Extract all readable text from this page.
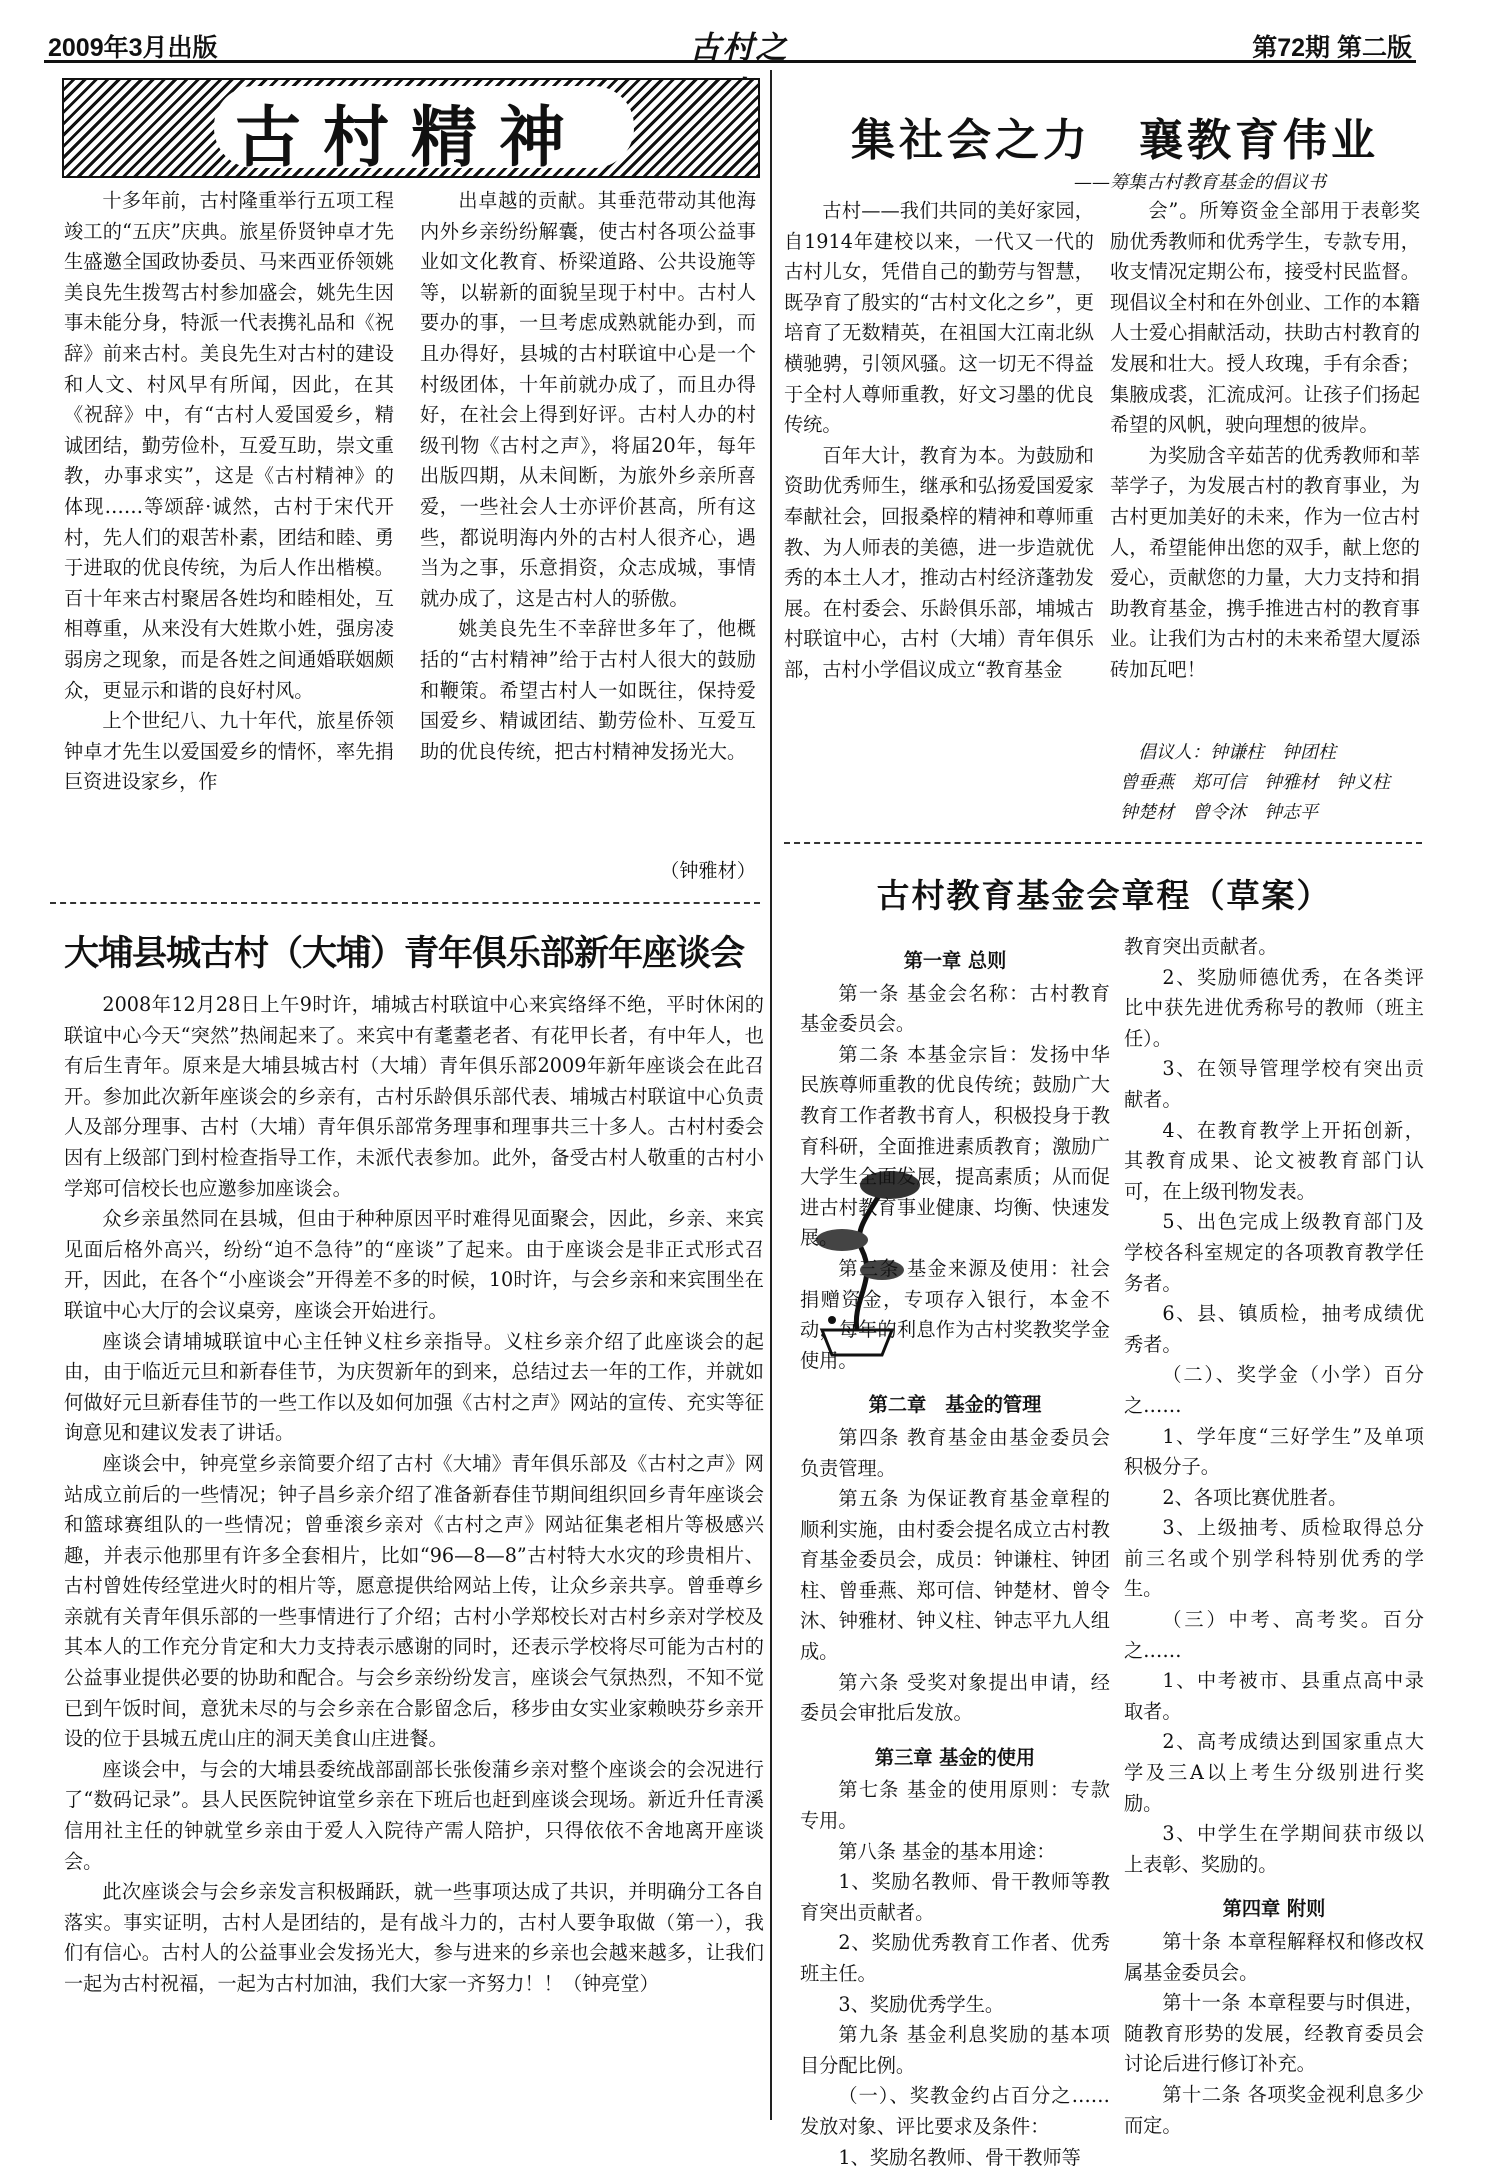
2009年3月出版	古村之	第72期 第二版
古村精神

十多年前，古村隆重举行五项工程竣工的“五庆”庆典。旅星侨贤钟卓才先生盛邀全国政协委员、马来西亚侨领姚美良先生拨驾古村参加盛会，姚先生因事未能分身，特派一代表携礼品和《祝辞》前来古村。美良先生对古村的建设和人文、村风早有所闻，因此，在其《祝辞》中，有“古村人爱国爱乡，精诚团结，勤劳俭朴，互爱互助，崇文重教，办事求实”，这是《古村精神》的体现……等颂辞·诚然，古村于宋代开村，先人们的艰苦朴素，团结和睦、勇于进取的优良传统，为后人作出楷模。百十年来古村聚居各姓均和睦相处，互相尊重，从来没有大姓欺小姓，强房凌弱房之现象，而是各姓之间通婚联姻颇众，更显示和谐的良好村风。

上个世纪八、九十年代，旅星侨领钟卓才先生以爱国爱乡的情怀，率先捐巨资进设家乡，作

出卓越的贡献。其垂范带动其他海内外乡亲纷纷解囊，使古村各项公益事业如文化教育、桥梁道路、公共设施等等，以崭新的面貌呈现于村中。古村人要办的事，一旦考虑成熟就能办到，而且办得好，县城的古村联谊中心是一个村级团体，十年前就办成了，而且办得好，在社会上得到好评。古村人办的村级刊物《古村之声》，将届20年，每年出版四期，从未间断，为旅外乡亲所喜爱，一些社会人士亦评价甚高，所有这些，都说明海内外的古村人很齐心，遇当为之事，乐意捐资，众志成城，事情就办成了，这是古村人的骄傲。

姚美良先生不幸辞世多年了，他概括的“古村精神”给于古村人很大的鼓励和鞭策。希望古村人一如既往，保持爱国爱乡、精诚团结、勤劳俭朴、互爱互助的优良传统，把古村精神发扬光大。

（钟雅材）
大埔县城古村（大埔）青年俱乐部新年座谈会

2008年12月28日上午9时许，埔城古村联谊中心来宾络绎不绝，平时休闲的联谊中心今天“突然”热闹起来了。来宾中有耄耋老者、有花甲长者，有中年人，也有后生青年。原来是大埔县城古村（大埔）青年俱乐部2009年新年座谈会在此召开。参加此次新年座谈会的乡亲有，古村乐龄俱乐部代表、埔城古村联谊中心负责人及部分理事、古村（大埔）青年俱乐部常务理事和理事共三十多人。古村村委会因有上级部门到村检查指导工作，未派代表参加。此外，备受古村人敬重的古村小学郑可信校长也应邀参加座谈会。

众乡亲虽然同在县城，但由于种种原因平时难得见面聚会，因此，乡亲、来宾见面后格外高兴，纷纷“迫不急待”的“座谈”了起来。由于座谈会是非正式形式召开，因此，在各个“小座谈会”开得差不多的时候，10时许，与会乡亲和来宾围坐在联谊中心大厅的会议桌旁，座谈会开始进行。

座谈会请埔城联谊中心主任钟义柱乡亲指导。义柱乡亲介绍了此座谈会的起由，由于临近元旦和新春佳节，为庆贺新年的到来，总结过去一年的工作，并就如何做好元旦新春佳节的一些工作以及如何加强《古村之声》网站的宣传、充实等征询意见和建议发表了讲话。

座谈会中，钟亮堂乡亲简要介绍了古村《大埔》青年俱乐部及《古村之声》网站成立前后的一些情况；钟子昌乡亲介绍了准备新春佳节期间组织回乡青年座谈会和篮球赛组队的一些情况；曾垂滚乡亲对《古村之声》网站征集老相片等极感兴趣，并表示他那里有许多全套相片，比如“96—8—8”古村特大水灾的珍贵相片、古村曾姓传经堂进火时的相片等，愿意提供给网站上传，让众乡亲共享。曾垂尊乡亲就有关青年俱乐部的一些事情进行了介绍；古村小学郑校长对古村乡亲对学校及其本人的工作充分肯定和大力支持表示感谢的同时，还表示学校将尽可能为古村的公益事业提供必要的协助和配合。与会乡亲纷纷发言，座谈会气氛热烈，不知不觉已到午饭时间，意犹未尽的与会乡亲在合影留念后，移步由女实业家赖映芬乡亲开设的位于县城五虎山庄的洞天美食山庄进餐。

座谈会中，与会的大埔县委统战部副部长张俊蒲乡亲对整个座谈会的会况进行了“数码记录”。县人民医院钟谊堂乡亲在下班后也赶到座谈会现场。新近升任青溪信用社主任的钟就堂乡亲由于爱人入院待产需人陪护，只得依依不舍地离开座谈会。

此次座谈会与会乡亲发言积极踊跃，就一些事项达成了共识，并明确分工各自落实。事实证明，古村人是团结的，是有战斗力的，古村人要争取做（第一），我们有信心。古村人的公益事业会发扬光大，参与进来的乡亲也会越来越多，让我们一起为古村祝福，一起为古村加油，我们大家一齐努力！！（钟亮堂）

集社会之力　襄教育伟业
——筹集古村教育基金的倡议书

古村——我们共同的美好家园，自1914年建校以来，一代又一代的古村儿女，凭借自己的勤劳与智慧，既孕育了殷实的“古村文化之乡”，更培育了无数精英，在祖国大江南北纵横驰骋，引领风骚。这一切无不得益于全村人尊师重教，好文习墨的优良传统。

百年大计，教育为本。为鼓励和资助优秀师生，继承和弘扬爱国爱家奉献社会，回报桑梓的精神和尊师重教、为人师表的美德，进一步造就优秀的本土人才，推动古村经济蓬勃发展。在村委会、乐龄俱乐部，埔城古村联谊中心，古村（大埔）青年俱乐部，古村小学倡议成立“教育基金

会”。所筹资金全部用于表彰奖励优秀教师和优秀学生，专款专用，收支情况定期公布，接受村民监督。现倡议全村和在外创业、工作的本籍人士爱心捐献活动，扶助古村教育的发展和壮大。授人玫瑰，手有余香；集腋成裘，汇流成河。让孩子们扬起希望的风帆，驶向理想的彼岸。

为奖励含辛茹苦的优秀教师和莘莘学子，为发展古村的教育事业，为古村更加美好的未来，作为一位古村人，希望能伸出您的双手，献上您的爱心，贡献您的力量，大力支持和捐助教育基金，携手推进古村的教育事业。让我们为古村的未来希望大厦添砖加瓦吧！

倡议人：钟谦柱　钟团柱
曾垂燕　郑可信　钟雅材　钟义柱
钟楚材　曾令沐　钟志平
古村教育基金会章程（草案）

第一章 总则

第一条 基金会名称：古村教育基金委员会。

第二条 本基金宗旨：发扬中华民族尊师重教的优良传统；鼓励广大教育工作者教书育人，积极投身于教育科研，全面推进素质教育；激励广大学生全面发展，提高素质；从而促进古村教育事业健康、均衡、快速发展。

第三条 基金来源及使用：社会捐赠资金，专项存入银行，本金不动，每年的利息作为古村奖教奖学金使用。

第二章　基金的管理

第四条 教育基金由基金委员会负责管理。

第五条 为保证教育基金章程的顺利实施，由村委会提名成立古村教育基金委员会，成员：钟谦柱、钟团柱、曾垂燕、郑可信、钟楚材、曾令沐、钟雅材、钟义柱、钟志平九人组成。

第六条 受奖对象提出申请，经委员会审批后发放。

第三章 基金的使用

第七条 基金的使用原则：专款专用。

第八条 基金的基本用途：

1、奖励名教师、骨干教师等教育突出贡献者。

2、奖励优秀教育工作者、优秀班主任。

3、奖励优秀学生。

第九条 基金利息奖励的基本项目分配比例。

（一）、奖教金约占百分之……发放对象、评比要求及条件：

1、奖励名教师、骨干教师等

教育突出贡献者。

2、奖励师德优秀，在各类评比中获先进优秀称号的教师（班主任）。

3、在领导管理学校有突出贡献者。

4、在教育教学上开拓创新，其教育成果、论文被教育部门认可，在上级刊物发表。

5、出色完成上级教育部门及学校各科室规定的各项教育教学任务者。

6、县、镇质检，抽考成绩优秀者。

（二）、奖学金（小学）百分之……

1、学年度“三好学生”及单项积极分子。

2、各项比赛优胜者。

3、上级抽考、质检取得总分前三名或个别学科特别优秀的学生。

（三）中考、高考奖。百分之……

1、中考被市、县重点高中录取者。

2、高考成绩达到国家重点大学及三A以上考生分级别进行奖励。

3、中学生在学期间获市级以上表彰、奖励的。

第四章 附则

第十条 本章程解释权和修改权属基金委员会。

第十一条 本章程要与时俱进，随教育形势的发展，经教育委员会讨论后进行修订补充。

第十二条 各项奖金视利息多少而定。
